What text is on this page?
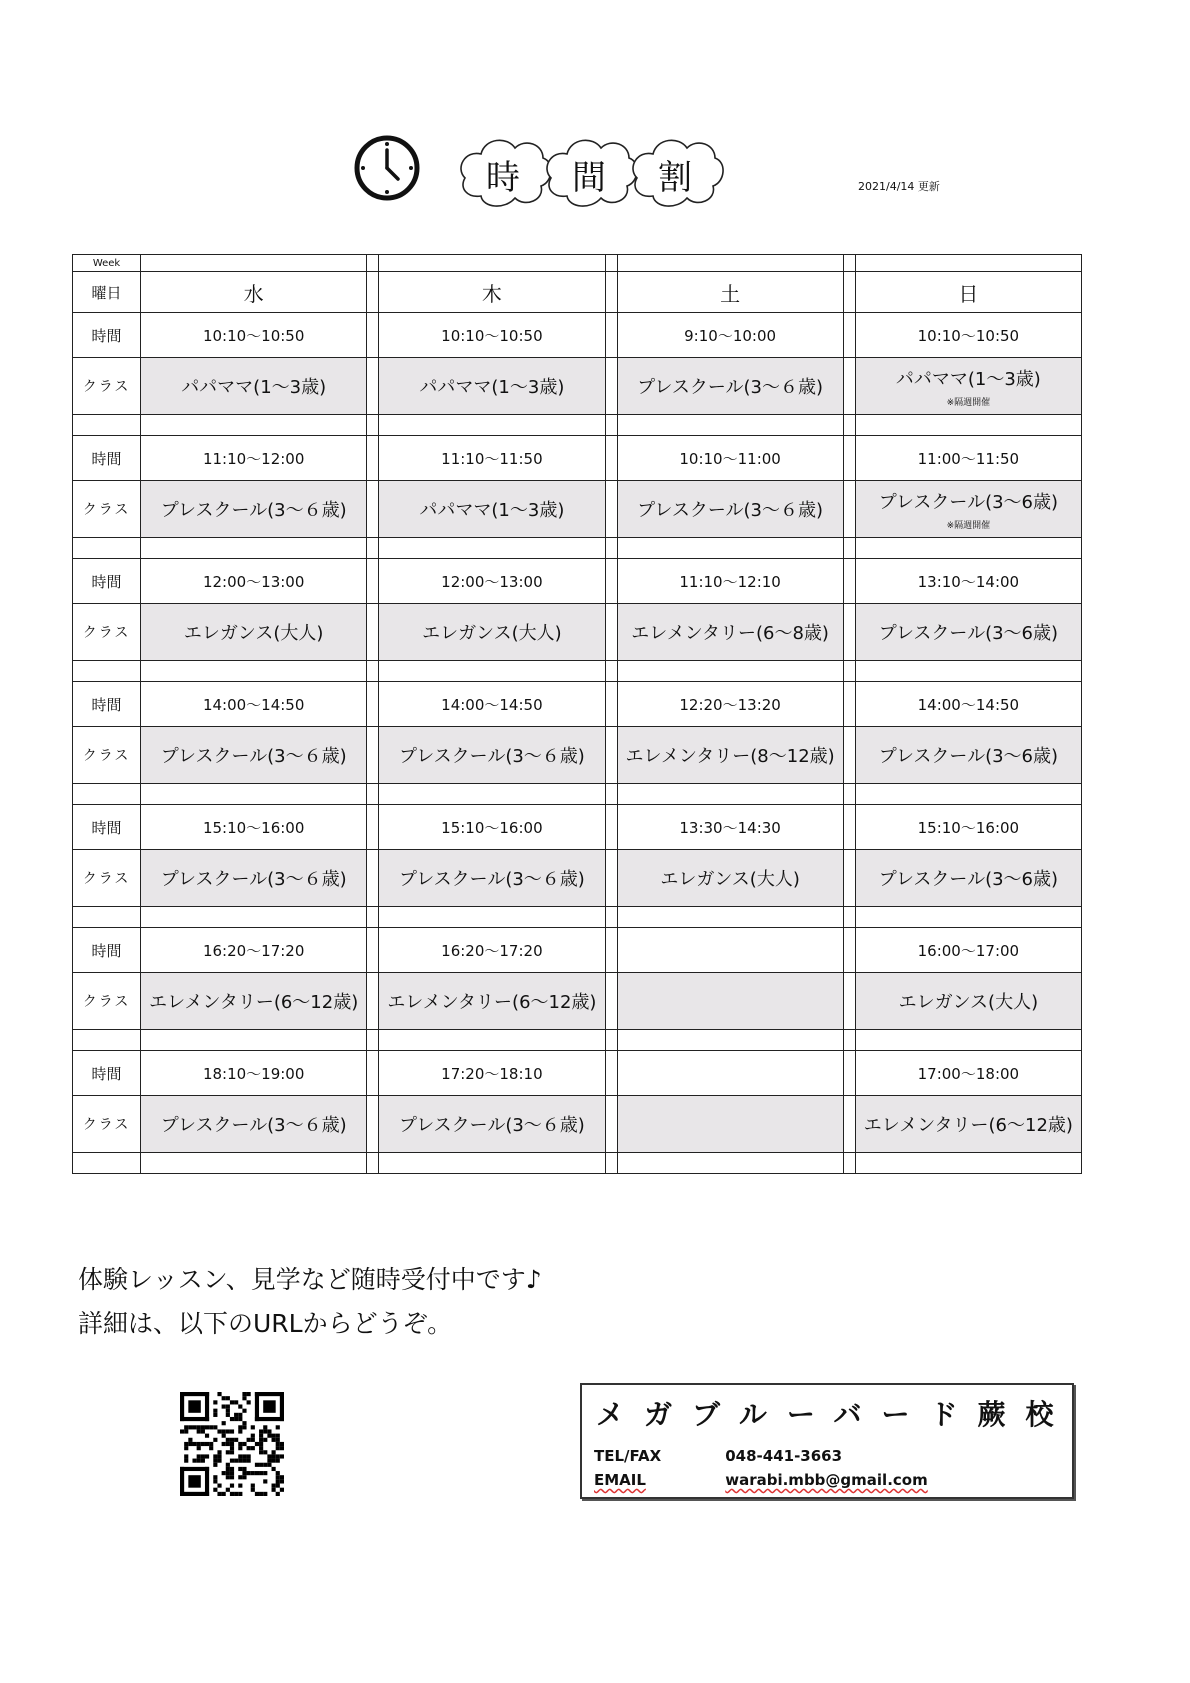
時	間	割	2021/4/14 更新
Week							
曜日	水		木		土		日
時間	10:10〜10:50		10:10〜10:50		9:10〜10:00		10:10〜10:50
クラス	パパママ(1〜3歳)		パパママ(1〜3歳)		プレスクール(3〜６歳)		パパママ(1〜3歳)
※隔週開催

時間	11:10〜12:00		11:10〜11:50		10:10〜11:00		11:00〜11:50
クラス	プレスクール(3〜６歳)		パパママ(1〜3歳)		プレスクール(3〜６歳)		プレスクール(3〜6歳)
※隔週開催

時間	12:00〜13:00		12:00〜13:00		11:10〜12:10		13:10〜14:00
クラス	エレガンス(大人)		エレガンス(大人)		エレメンタリー(6〜8歳)		プレスクール(3〜6歳)

時間	14:00〜14:50		14:00〜14:50		12:20〜13:20		14:00〜14:50
クラス	プレスクール(3〜６歳)		プレスクール(3〜６歳)		エレメンタリー(8〜12歳)		プレスクール(3〜6歳)

時間	15:10〜16:00		15:10〜16:00		13:30〜14:30		15:10〜16:00
クラス	プレスクール(3〜６歳)		プレスクール(3〜６歳)		エレガンス(大人)		プレスクール(3〜6歳)

時間	16:20〜17:20		16:20〜17:20				16:00〜17:00
クラス	エレメンタリー(6〜12歳)		エレメンタリー(6〜12歳)				エレガンス(大人)

時間	18:10〜19:00		17:20〜18:10				17:00〜18:00
クラス	プレスクール(3〜６歳)		プレスクール(3〜６歳)				エレメンタリー(6〜12歳)

体験レッスン、見学など随時受付中です♪
詳細は、以下のURLからどうぞ。
メガブルーバード蕨校
TEL/FAX	048-441-3663
EMAIL	warabi.mbb@gmail.com
